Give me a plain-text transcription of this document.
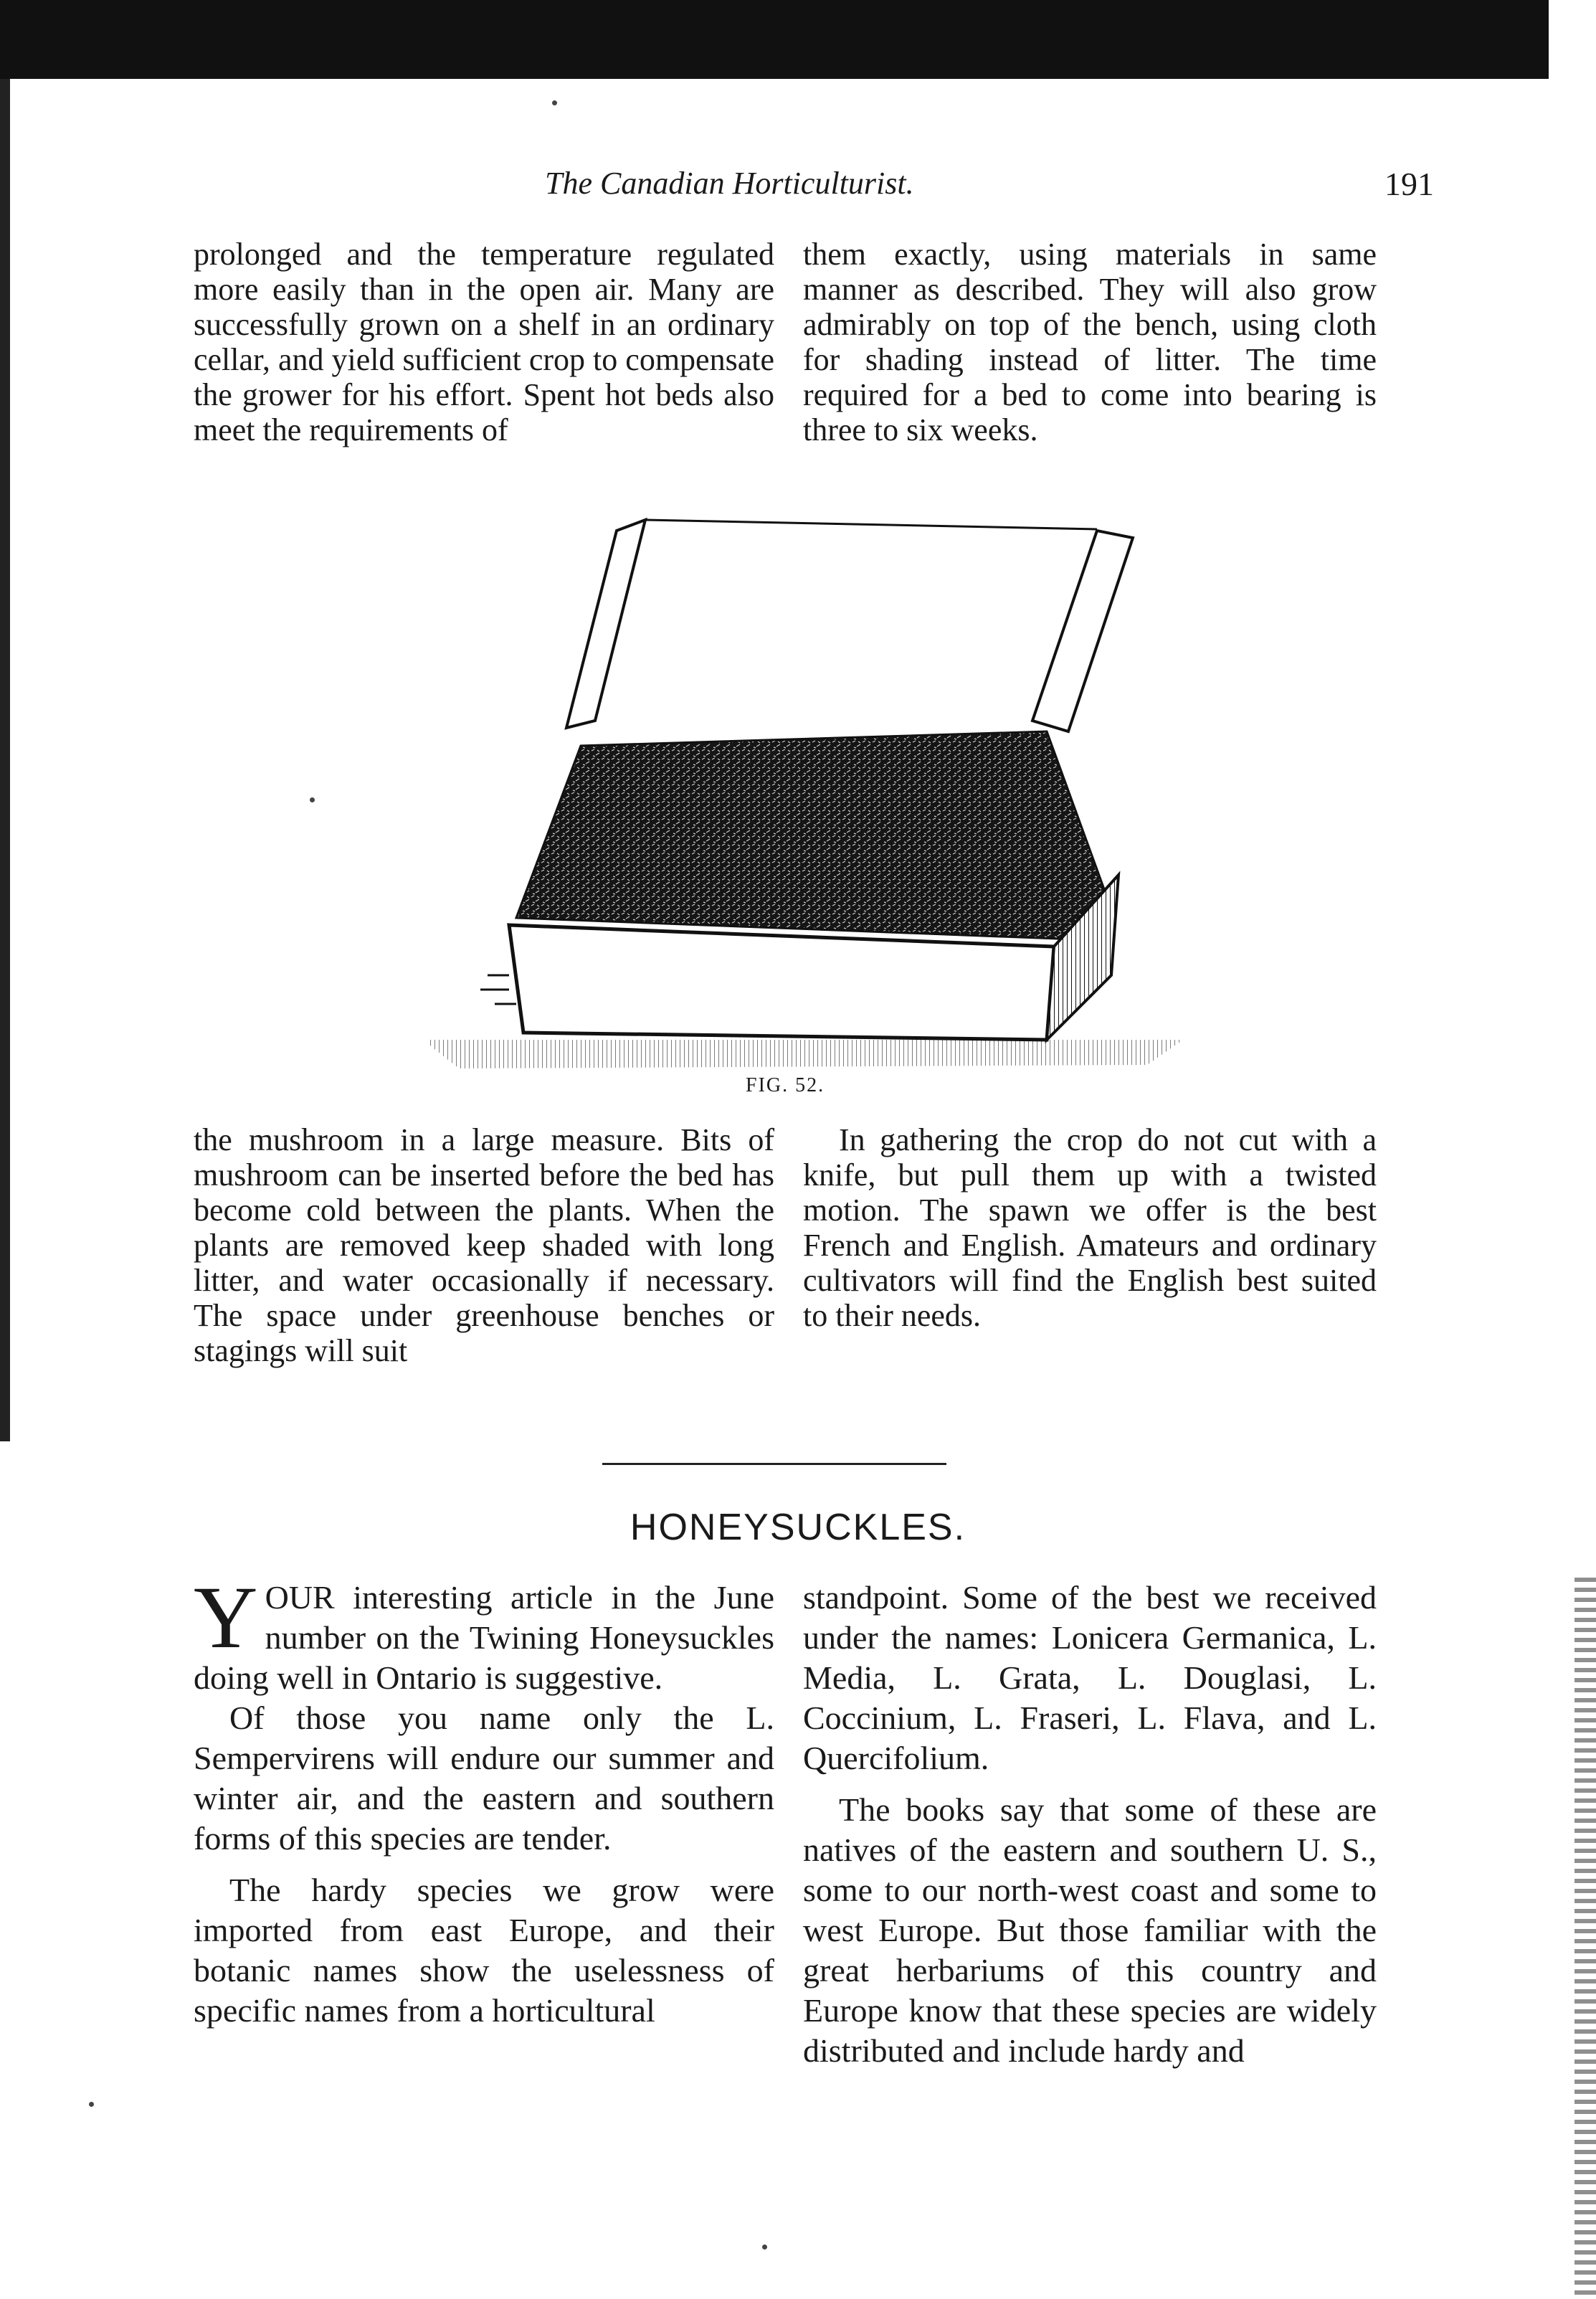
The Canadian Horticulturist.	191

prolonged and the temperature regulated more easily than in the open air. Many are successfully grown on a shelf in an ordinary cellar, and yield sufficient crop to compensate the grower for his effort. Spent hot beds also meet the requirements of

them exactly, using materials in same manner as described. They will also grow admirably on top of the bench, using cloth for shading instead of litter. The time required for a bed to come into bearing is three to six weeks.

FIG. 52.

the mushroom in a large measure. Bits of mushroom can be inserted before the bed has become cold between the plants. When the plants are removed keep shaded with long litter, and water occasionally if necessary. The space under greenhouse benches or stagings will suit

In gathering the crop do not cut with a knife, but pull them up with a twisted motion. The spawn we offer is the best French and English. Amateurs and ordinary cultivators will find the English best suited to their needs.

HONEYSUCKLES.

Y OUR interesting article in the June number on the Twining Honeysuckles doing well in Ontario is suggestive.

Of those you name only the L. Sempervirens will endure our summer and winter air, and the eastern and southern forms of this species are tender.

The hardy species we grow were imported from east Europe, and their botanic names show the uselessness of specific names from a horticultural

standpoint. Some of the best we received under the names: Lonicera Germanica, L. Media, L. Grata, L. Douglasi, L. Coccinium, L. Fraseri, L. Flava, and L. Quercifolium.

The books say that some of these are natives of the eastern and southern U. S., some to our north-west coast and some to west Europe. But those familiar with the great herbariums of this country and Europe know that these species are widely distributed and include hardy and
